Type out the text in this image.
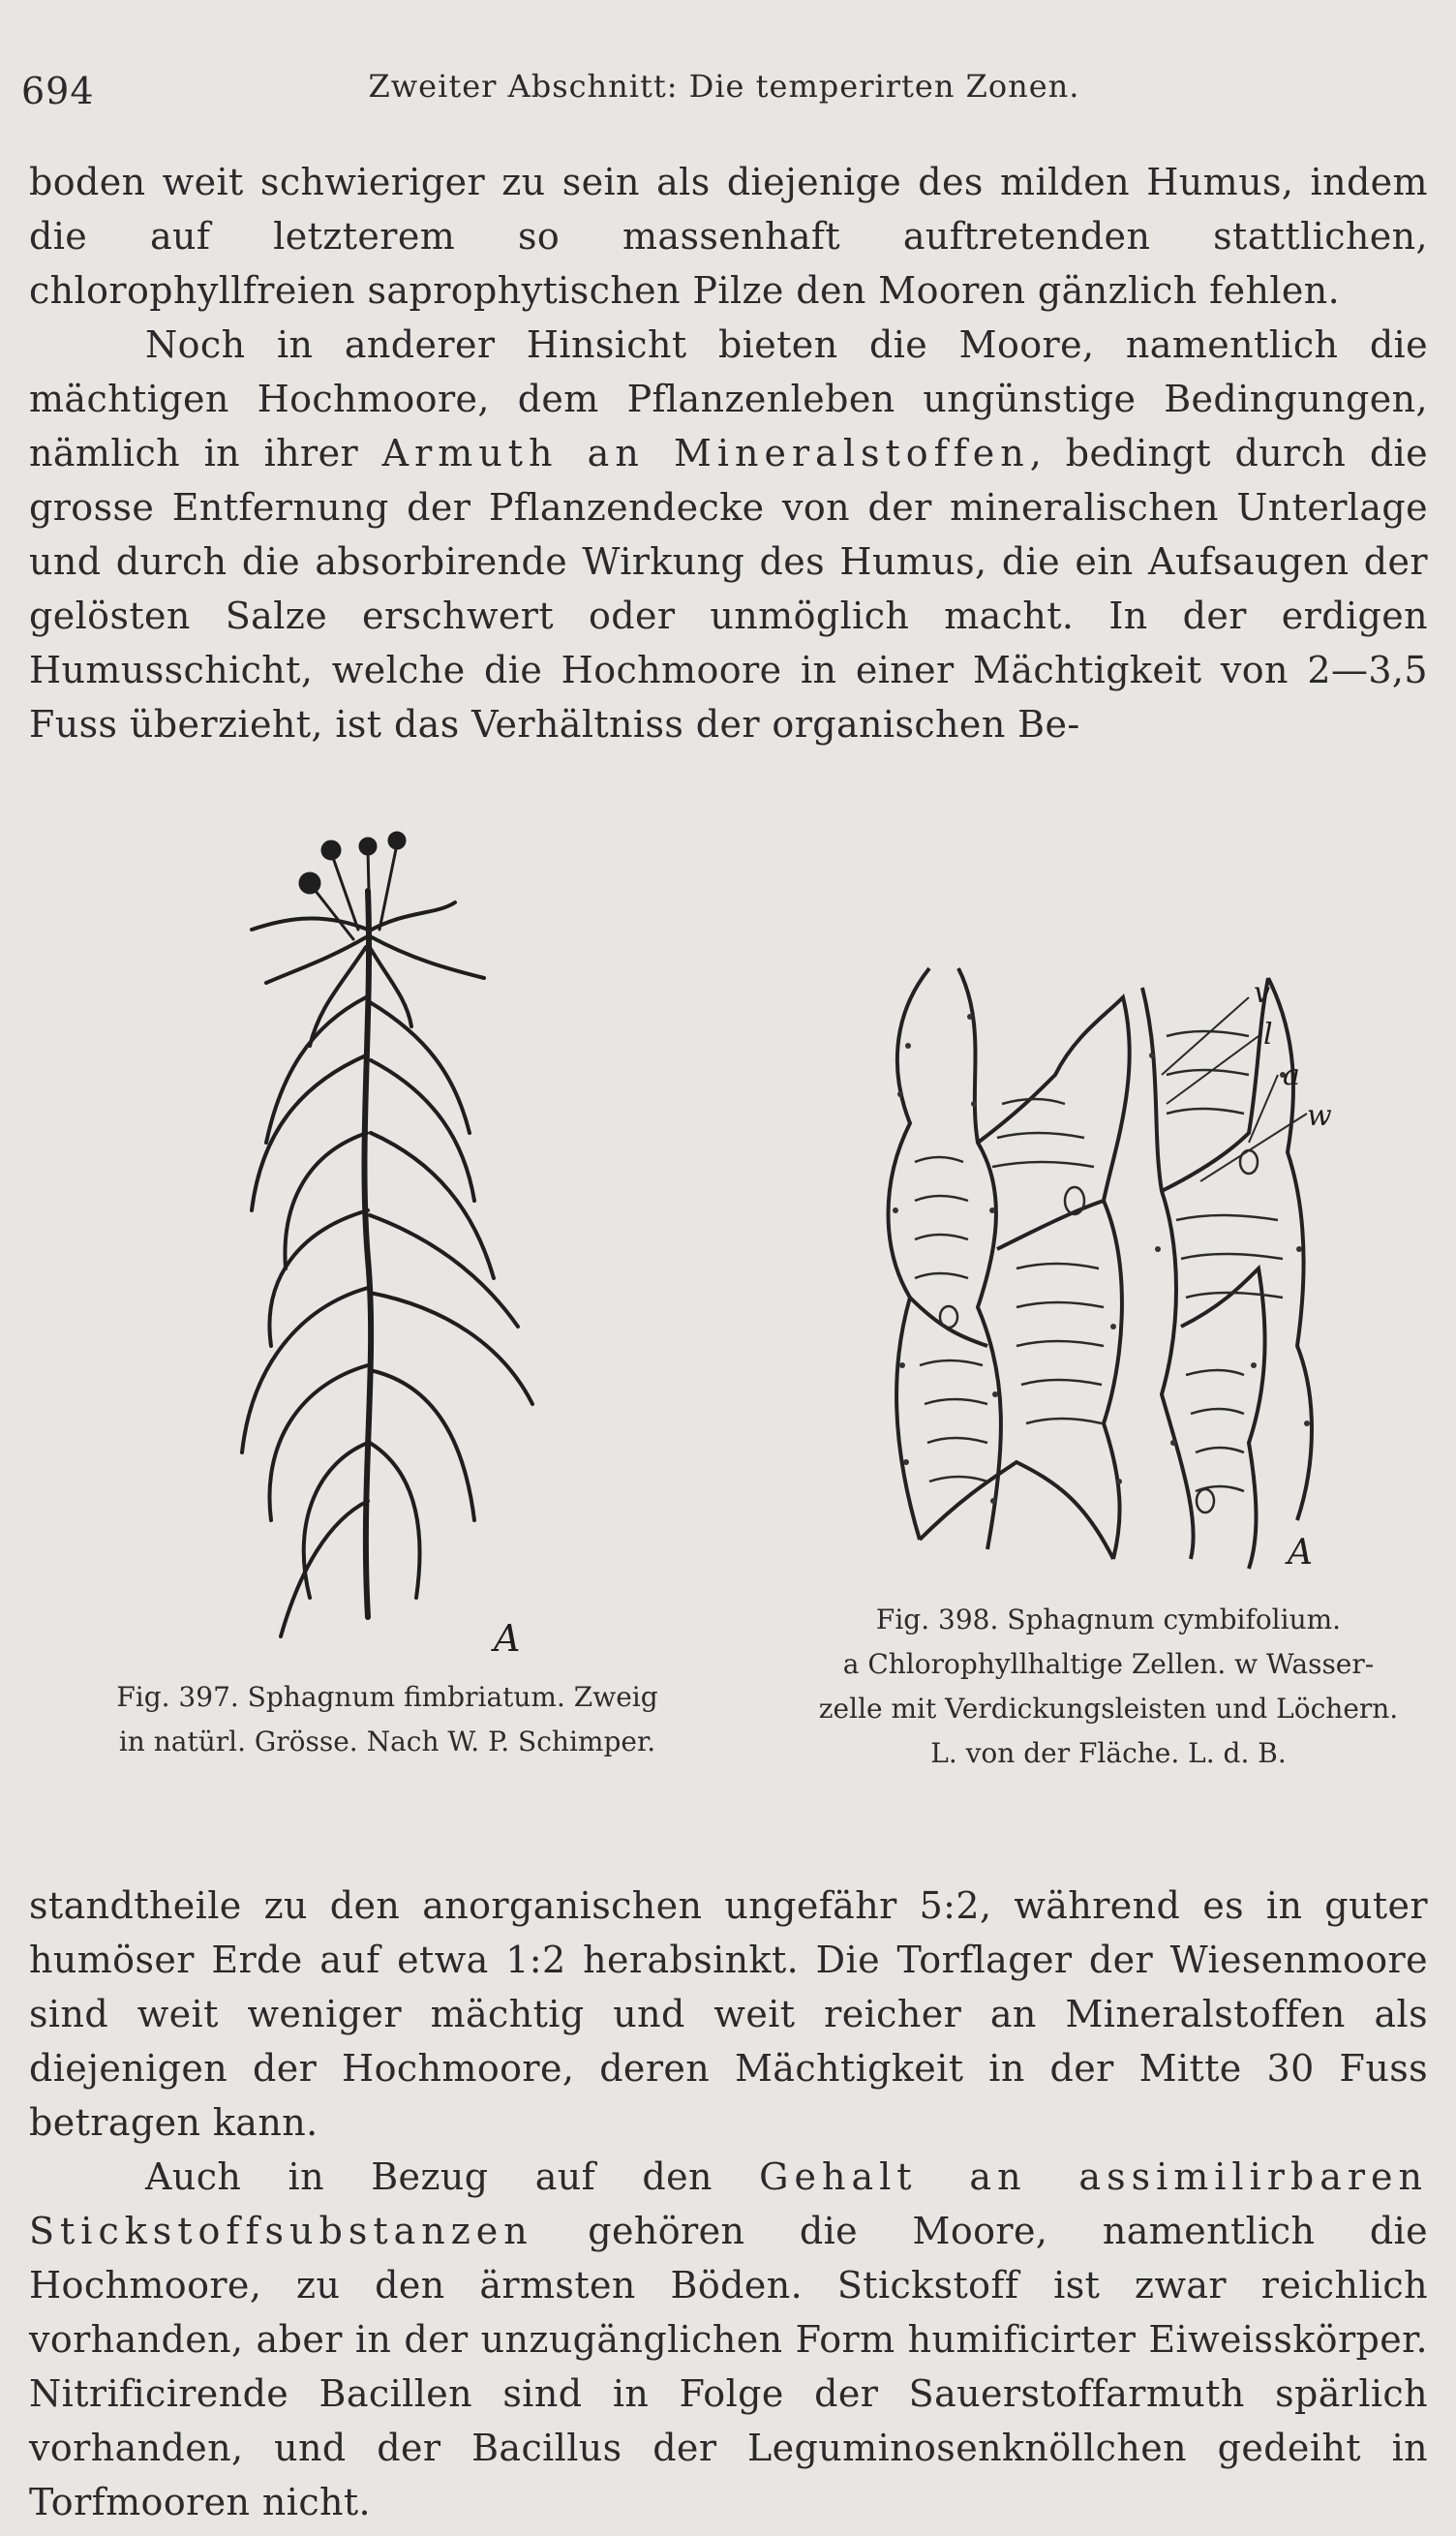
694	Zweiter Abschnitt: Die temperirten Zonen.

boden weit schwieriger zu sein als diejenige des milden Humus, indem die auf letzterem so massenhaft auftretenden stattlichen, chlorophyllfreien saprophytischen Pilze den Mooren gänzlich fehlen.

Noch in anderer Hinsicht bieten die Moore, namentlich die mächtigen Hochmoore, dem Pflanzenleben ungünstige Bedingungen, nämlich in ihrer Armuth an Mineralstoffen, bedingt durch die grosse Entfernung der Pflanzendecke von der mineralischen Unterlage und durch die absorbirende Wirkung des Humus, die ein Aufsaugen der gelösten Salze erschwert oder unmöglich macht. In der erdigen Humusschicht, welche die Hochmoore in einer Mächtigkeit von 2—3,5 Fuss überzieht, ist das Verhältniss der organischen Be-

A
Fig. 397. Sphagnum fimbriatum. Zweig
in natürl. Grösse. Nach W. P. Schimper.
v
l
a
w
A
Fig. 398. Sphagnum cymbifolium.
a Chlorophyllhaltige Zellen. w Wasser-
zelle mit Verdickungsleisten und Löchern.
L. von der Fläche. L. d. B.

standtheile zu den anorganischen ungefähr 5:2, während es in guter humöser Erde auf etwa 1:2 herabsinkt. Die Torflager der Wiesenmoore sind weit weniger mächtig und weit reicher an Mineralstoffen als diejenigen der Hochmoore, deren Mächtigkeit in der Mitte 30 Fuss betragen kann.

Auch in Bezug auf den Gehalt an assimilirbaren Stickstoffsubstanzen gehören die Moore, namentlich die Hochmoore, zu den ärmsten Böden. Stickstoff ist zwar reichlich vorhanden, aber in der unzugänglichen Form humificirter Eiweisskörper. Nitrificirende Bacillen sind in Folge der Sauerstoffarmuth spärlich vorhanden, und der Bacillus der Leguminosenknöllchen gedeiht in Torfmooren nicht.
